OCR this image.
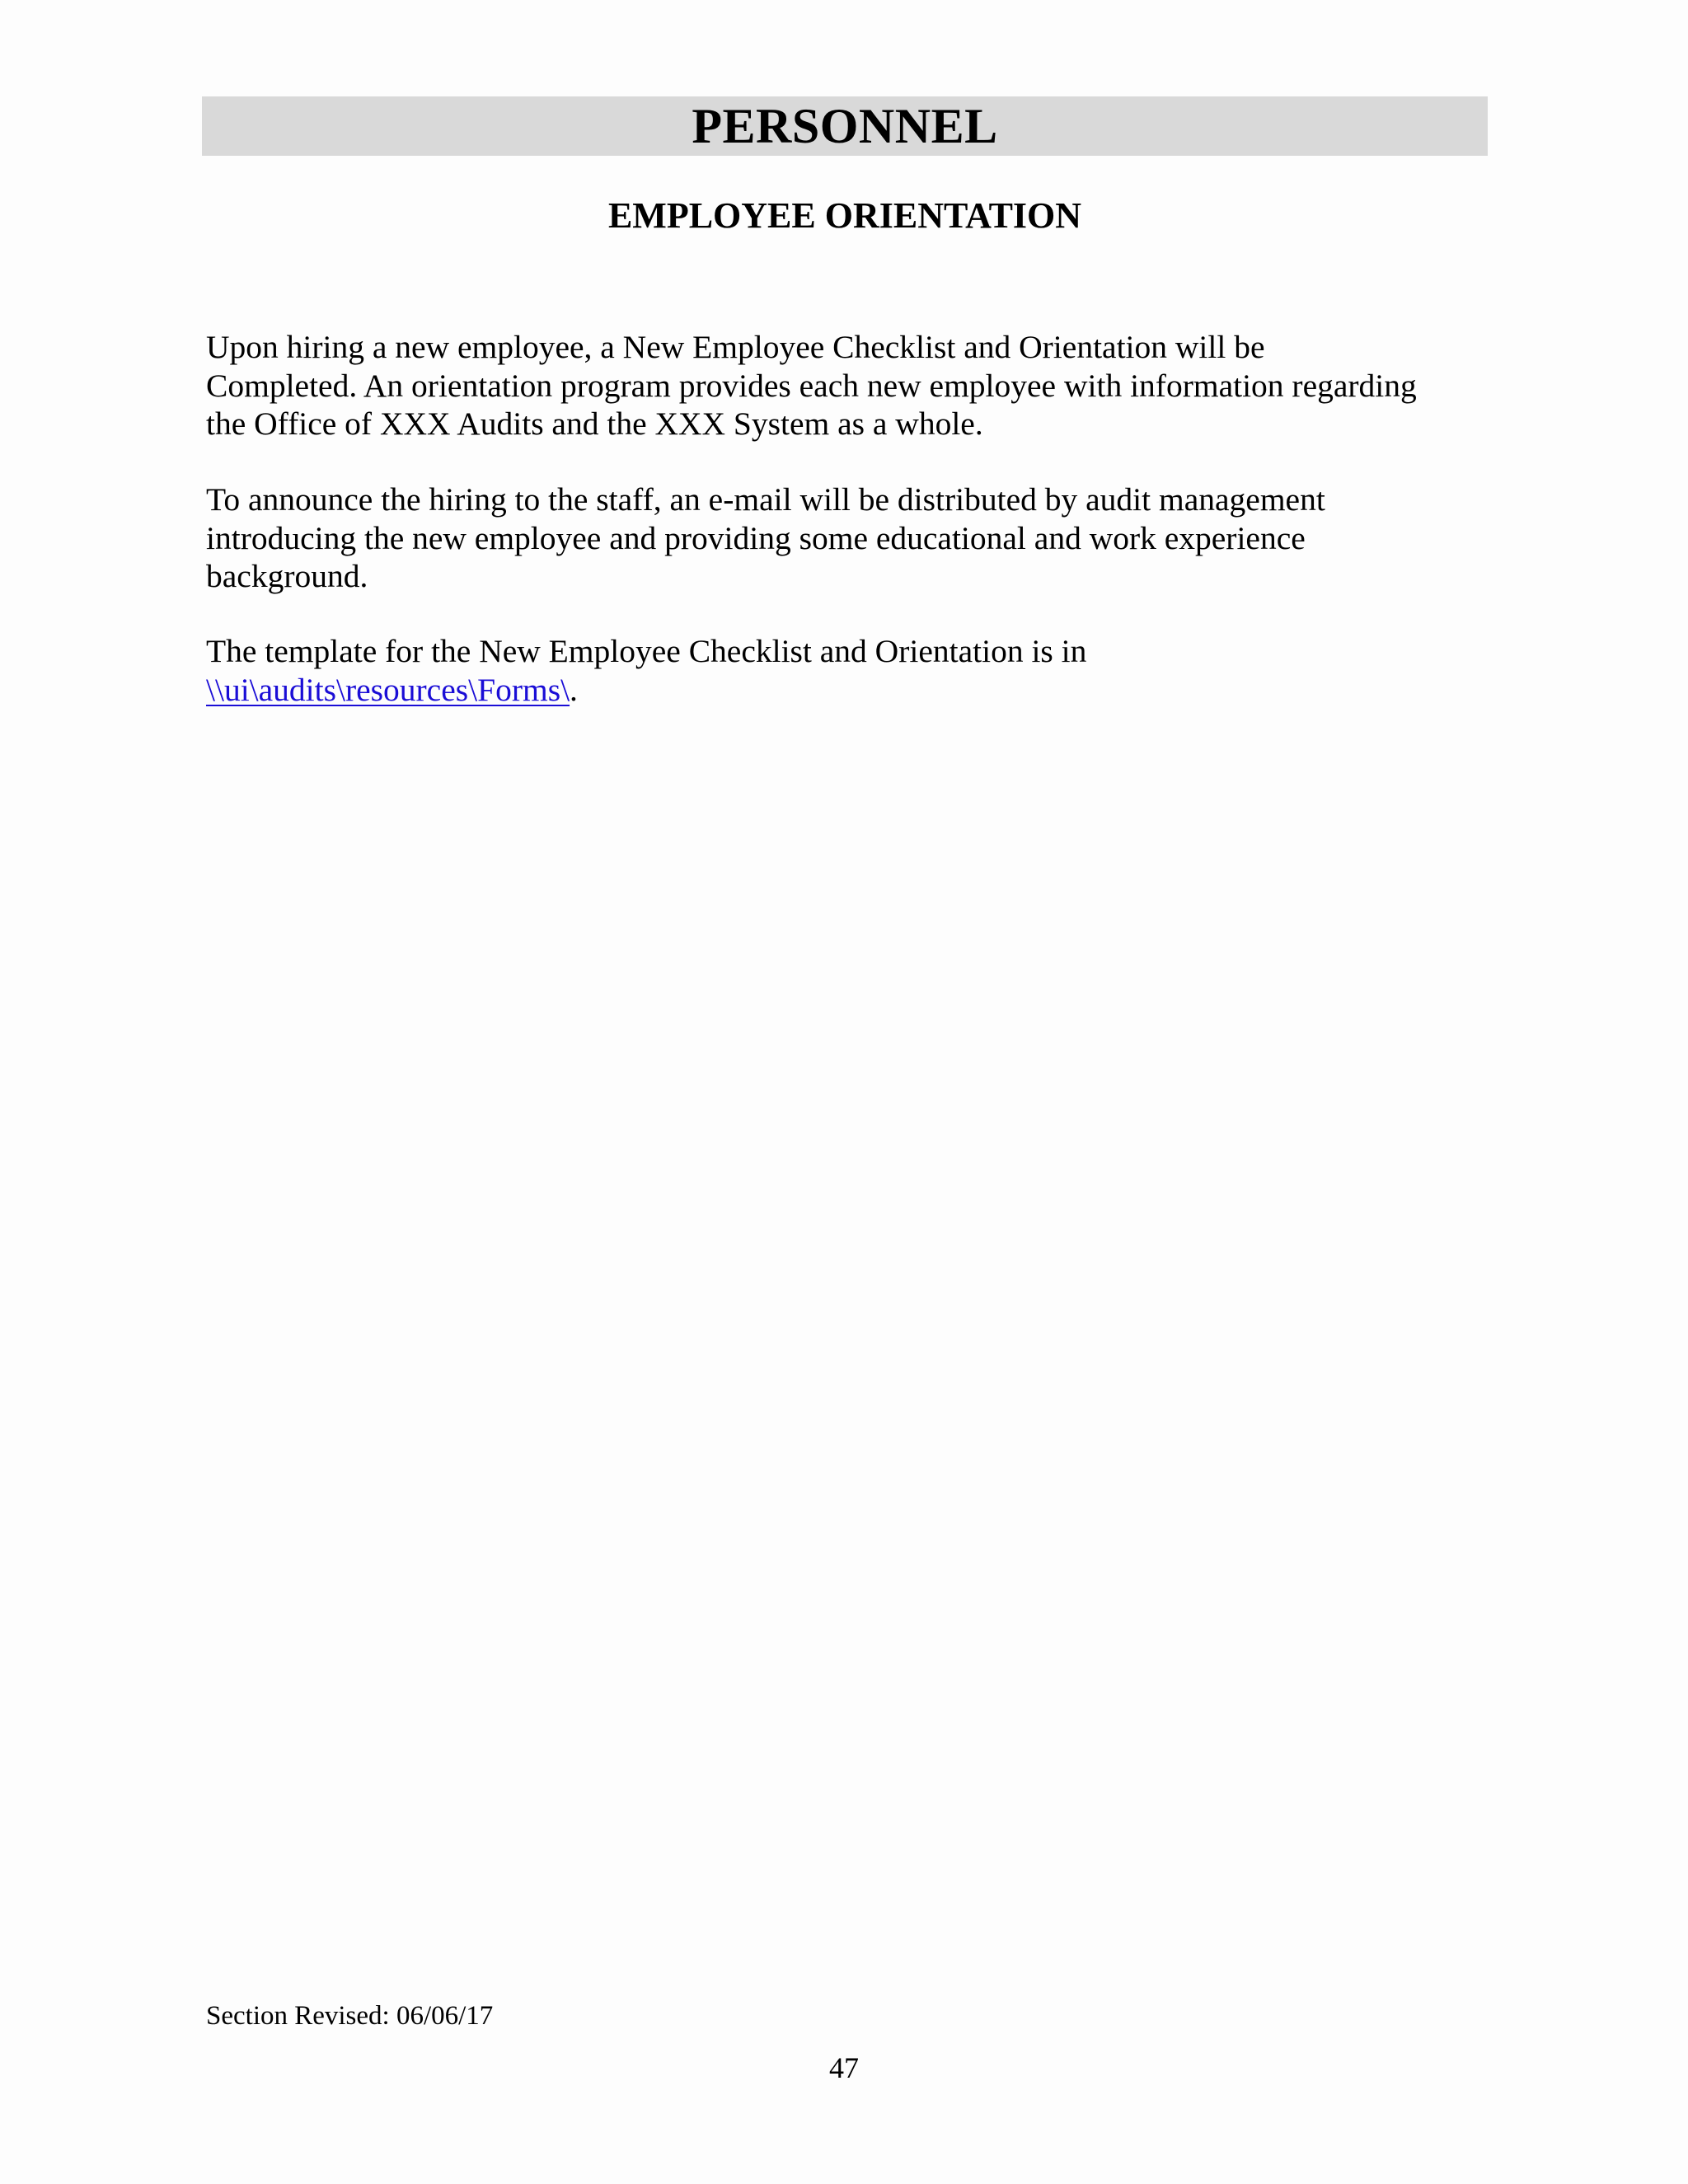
PERSONNEL
EMPLOYEE ORIENTATION

Upon hiring a new employee, a New Employee Checklist and Orientation will be
Completed. An orientation program provides each new employee with information regarding
the Office of XXX Audits and the XXX System as a whole.

To announce the hiring to the staff, an e-mail will be distributed by audit management
introducing the new employee and providing some educational and work experience
background.

The template for the New Employee Checklist and Orientation is in
\\ui\audits\resources\Forms\.

Section Revised: 06/06/17

47
